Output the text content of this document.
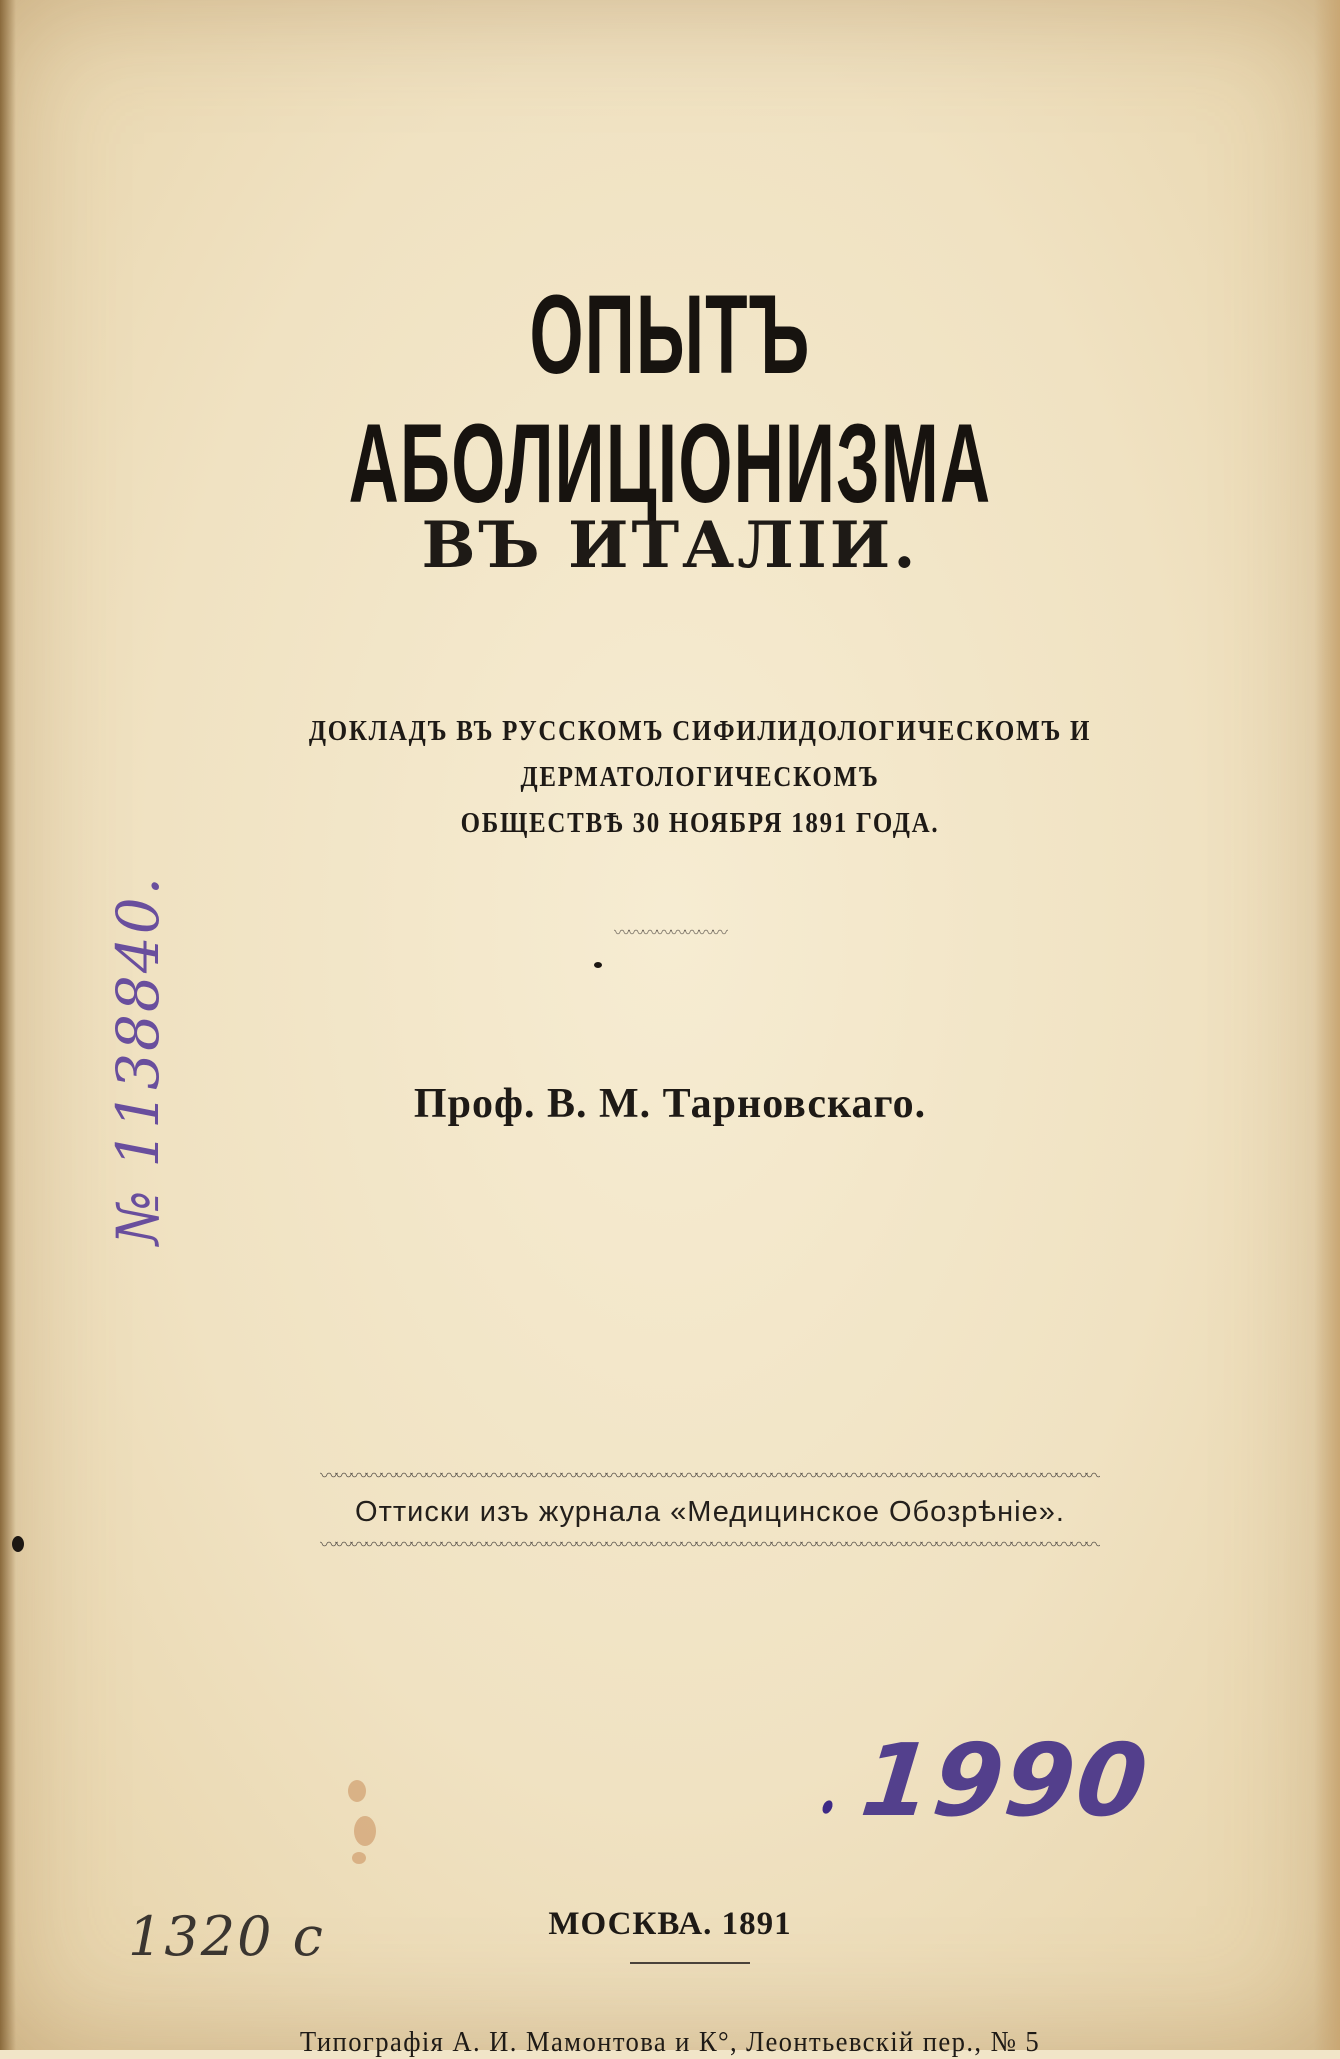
ОПЫТЪ АБОЛИЦІОНИЗМА
ВЪ ИТАЛІИ.
ДОКЛАДЪ ВЪ РУССКОМЪ СИФИЛИДОЛОГИЧЕСКОМЪ И ДЕРМАТОЛОГИЧЕСКОМЪ
ОБЩЕСТВѢ 30 НОЯБРЯ 1891 ГОДА.
〰〰〰〰〰〰〰〰
Проф. В. М. Тарновскаго.
〰〰〰〰〰〰〰〰〰〰〰〰〰〰〰〰〰〰〰〰〰〰〰〰〰〰〰〰〰〰〰〰〰〰〰〰〰〰〰〰〰〰〰〰〰〰〰〰〰〰〰〰
Оттиски изъ журнала «Медицинское Обозрѣніе».
〰〰〰〰〰〰〰〰〰〰〰〰〰〰〰〰〰〰〰〰〰〰〰〰〰〰〰〰〰〰〰〰〰〰〰〰〰〰〰〰〰〰〰〰〰〰〰〰〰〰〰〰
№ 1138840.
1990
1320 с	МОСКВА. 1891
Типографія А. И. Мамонтова и К°, Леонтьевскій пер., № 5
